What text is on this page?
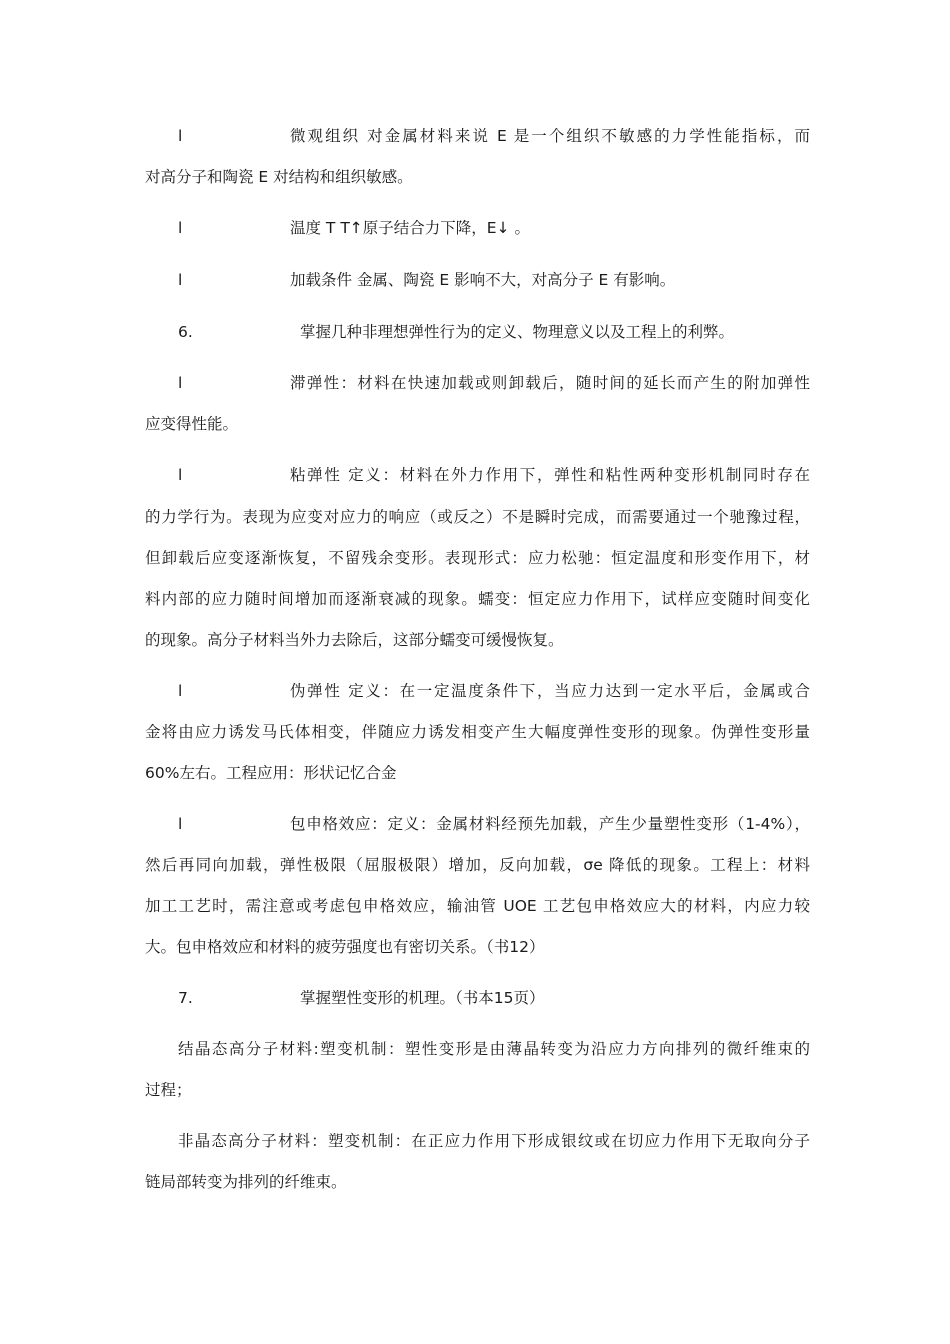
l	微观组织 对金属材料来说 E 是一个组织不敏感的力学性能指标，而
对高分子和陶瓷 E 对结构和组织敏感。
l	温度 T T↑原子结合力下降，E↓ 。
l	加载条件 金属、陶瓷 E 影响不大，对高分子 E 有影响。
6.	掌握几种非理想弹性行为的定义、物理意义以及工程上的利弊。
l	滞弹性：材料在快速加载或则卸载后，随时间的延长而产生的附加弹性
应变得性能。
l	粘弹性 定义：材料在外力作用下，弹性和粘性两种变形机制同时存在
的力学行为。表现为应变对应力的响应（或反之）不是瞬时完成，而需要通过一个驰豫过程，
但卸载后应变逐渐恢复，不留残余变形。表现形式：应力松驰：恒定温度和形变作用下，材
料内部的应力随时间增加而逐渐衰减的现象。蠕变：恒定应力作用下，试样应变随时间变化
的现象。高分子材料当外力去除后，这部分蠕变可缓慢恢复。
l	伪弹性 定义：在一定温度条件下，当应力达到一定水平后，金属或合
金将由应力诱发马氏体相变，伴随应力诱发相变产生大幅度弹性变形的现象。伪弹性变形量
60%左右。工程应用：形状记忆合金
l	包申格效应：定义：金属材料经预先加载，产生少量塑性变形（1-4%），
然后再同向加载，弹性极限（屈服极限）增加，反向加载，σe 降低的现象。工程上：材料
加工工艺时，需注意或考虑包申格效应，输油管 UOE 工艺包申格效应大的材料，内应力较
大。包申格效应和材料的疲劳强度也有密切关系。（书12）
7.	掌握塑性变形的机理。（书本15页）
结晶态高分子材料:塑变机制：塑性变形是由薄晶转变为沿应力方向排列的微纤维束的
过程；
非晶态高分子材料：塑变机制：在正应力作用下形成银纹或在切应力作用下无取向分子
链局部转变为排列的纤维束。
